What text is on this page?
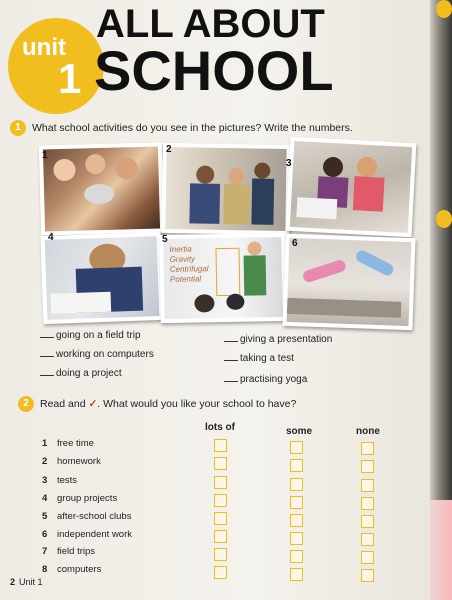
unit
1
ALL ABOUT
SCHOOL
1	What school activities do you see in the pictures? Write the numbers.
1
2
3
4
Inertia Gravity Centrifugal Potential
5	6
going on a field trip
working on computers
doing a project
giving a presentation
taking a test
practising yoga
2	Read and ✓. What would you like your school to have?
lots of	some	none
1 free time
2 homework
3 tests
4 group projects
5 after-school clubs
6 independent work
7 field trips
8 computers
2 Unit 1
